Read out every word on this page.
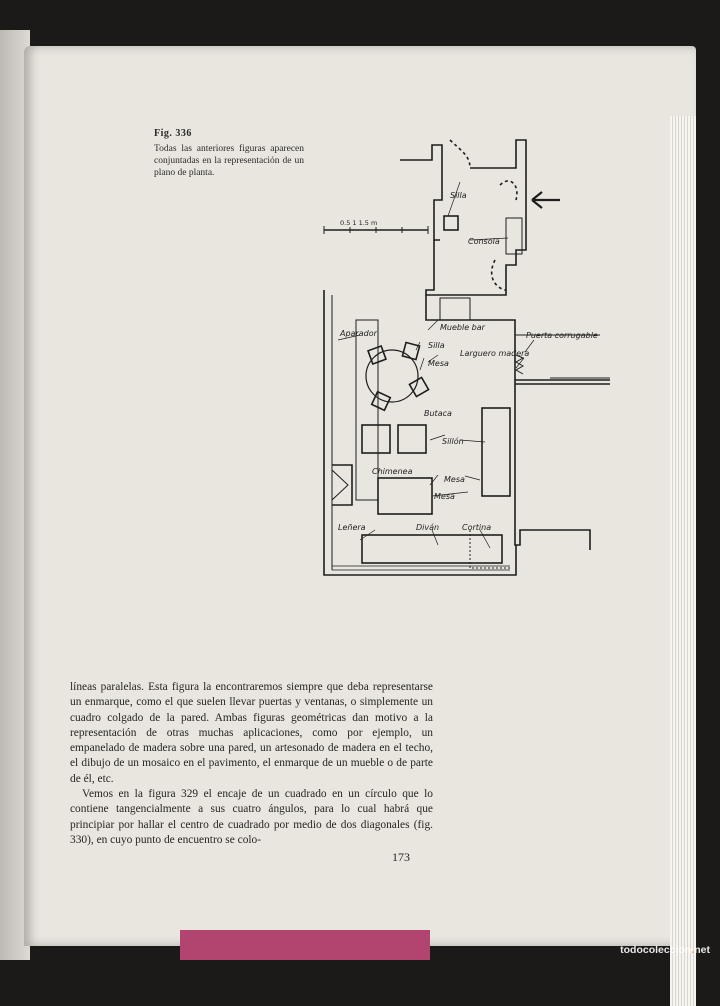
Fig. 336
Todas las anteriores figuras aparecen conjuntadas en la representación de un plano de planta.
Silla
Consola
0.5 1 1.5 m
Aparador
Mueble bar
Silla
Mesa
Puerta corrugable
Larguero madera
Butaca
Sillón
Chimenea
Mesa
Mesa
Leñera	Diván	Cortina

líneas paralelas. Esta figura la encontraremos siempre que deba representarse un enmarque, como el que suelen llevar puertas y ventanas, o simplemente un cuadro colgado de la pared. Ambas figuras geométricas dan motivo a la representación de otras muchas aplicaciones, como por ejemplo, un empanelado de madera sobre una pared, un artesonado de madera en el techo, el dibujo de un mosaico en el pavimento, el enmarque de un mueble o de parte de él, etc.

Vemos en la figura 329 el encaje de un cuadrado en un círculo que lo contiene tangencialmente a sus cuatro ángulos, para lo cual habrá que principiar por hallar el centro de cuadrado por medio de dos diagonales (fig. 330), en cuyo punto de encuentro se colo-

173
todocoleccion.net
